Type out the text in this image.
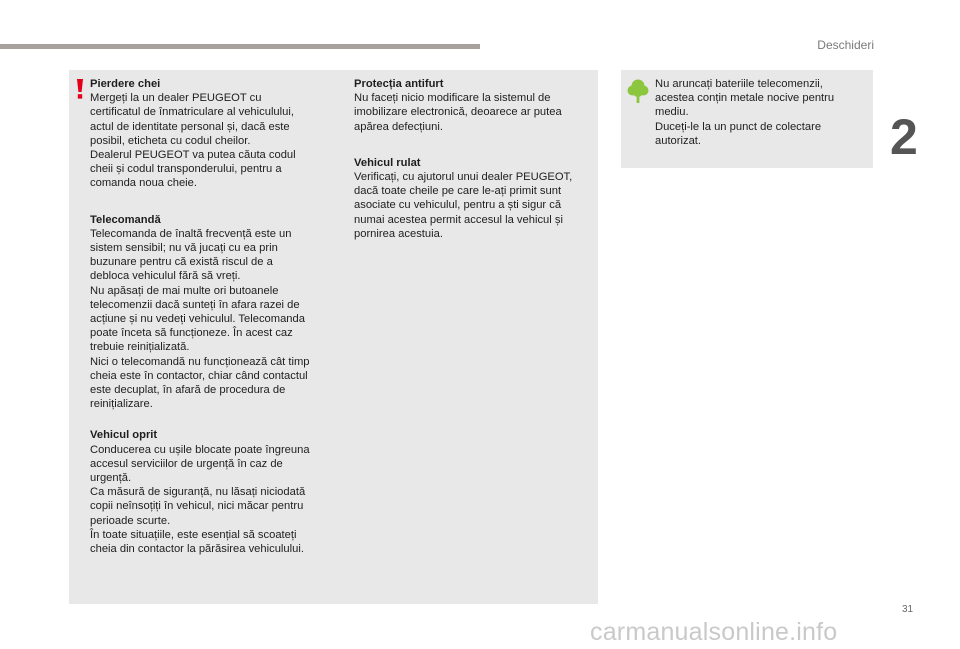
Deschideri
2

Pierdere chei
Mergeți la un dealer PEUGEOT cu
certificatul de înmatriculare al vehiculului,
actul de identitate personal și, dacă este
posibil, eticheta cu codul cheilor.
Dealerul PEUGEOT va putea căuta codul
cheii și codul transponderului, pentru a
comanda noua cheie.

Telecomandă
Telecomanda de înaltă frecvență este un
sistem sensibil; nu vă jucați cu ea prin
buzunare pentru că există riscul de a
debloca vehiculul fără să vreți.
Nu apăsați de mai multe ori butoanele
telecomenzii dacă sunteți în afara razei de
acțiune și nu vedeți vehiculul. Telecomanda
poate înceta să funcționeze. În acest caz
trebuie reinițializată.
Nici o telecomandă nu funcționează cât timp
cheia este în contactor, chiar când contactul
este decuplat, în afară de procedura de
reinițializare.

Vehicul oprit
Conducerea cu ușile blocate poate îngreuna
accesul serviciilor de urgență în caz de
urgență.
Ca măsură de siguranță, nu lăsați niciodată
copii neînsoțiți în vehicul, nici măcar pentru
perioade scurte.
În toate situațiile, este esențial să scoateți
cheia din contactor la părăsirea vehiculului.

Protecția antifurt
Nu faceți nicio modificare la sistemul de
imobilizare electronică, deoarece ar putea
apărea defecțiuni.

Vehicul rulat
Verificați, cu ajutorul unui dealer PEUGEOT,
dacă toate cheile pe care le-ați primit sunt
asociate cu vehiculul, pentru a ști sigur că
numai acestea permit accesul la vehicul și
pornirea acestuia.

Nu aruncați bateriile telecomenzii,
acestea conțin metale nocive pentru
mediu.
Duceți-le la un punct de colectare
autorizat.

31
carmanualsonline.info
